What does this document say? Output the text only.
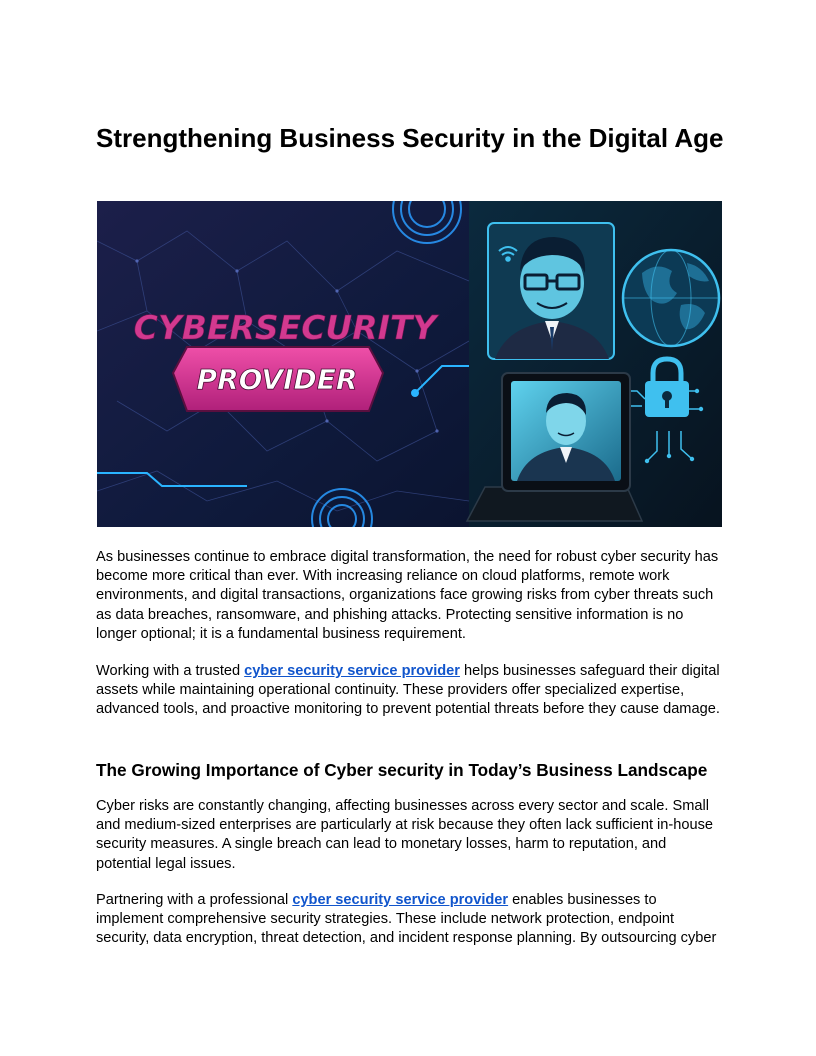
Strengthening Business Security in the Digital Age
CYBERSECURITY
PROVIDER

As businesses continue to embrace digital transformation, the need for robust cyber security has become more critical than ever. With increasing reliance on cloud platforms, remote work environments, and digital transactions, organizations face growing risks from cyber threats such as data breaches, ransomware, and phishing attacks. Protecting sensitive information is no longer optional; it is a fundamental business requirement.

Working with a trusted cyber security service provider helps businesses safeguard their digital assets while maintaining operational continuity. These providers offer specialized expertise, advanced tools, and proactive monitoring to prevent potential threats before they cause damage.

The Growing Importance of Cyber security in Today’s Business Landscape

Cyber risks are constantly changing, affecting businesses across every sector and scale. Small and medium-sized enterprises are particularly at risk because they often lack sufficient in-house security measures. A single breach can lead to monetary losses, harm to reputation, and potential legal issues.

Partnering with a professional cyber security service provider enables businesses to implement comprehensive security strategies. These include network protection, endpoint security, data encryption, threat detection, and incident response planning. By outsourcing cyber
